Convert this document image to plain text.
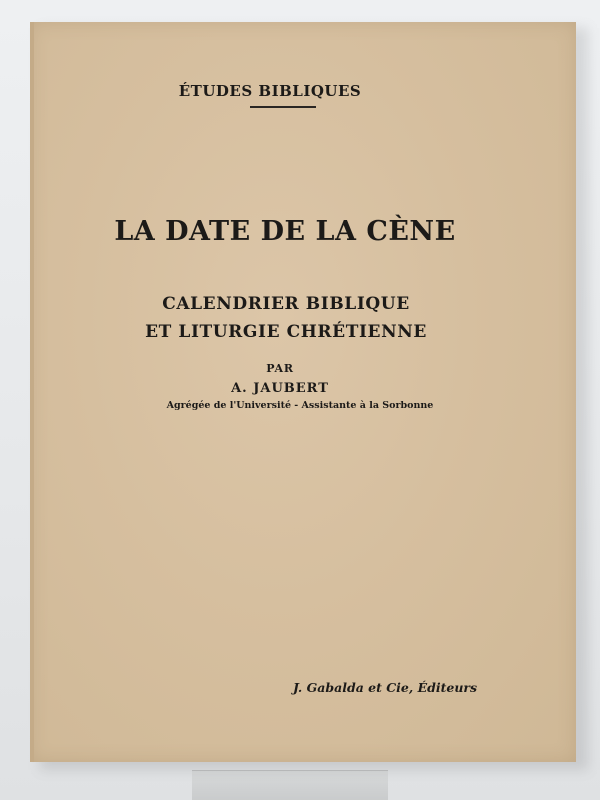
ÉTUDES BIBLIQUES
LA DATE DE LA CÈNE
CALENDRIER BIBLIQUE
ET LITURGIE CHRÉTIENNE
PAR
A. JAUBERT
Agrégée de l'Université - Assistante à la Sorbonne
J. Gabalda et Cie, Éditeurs
